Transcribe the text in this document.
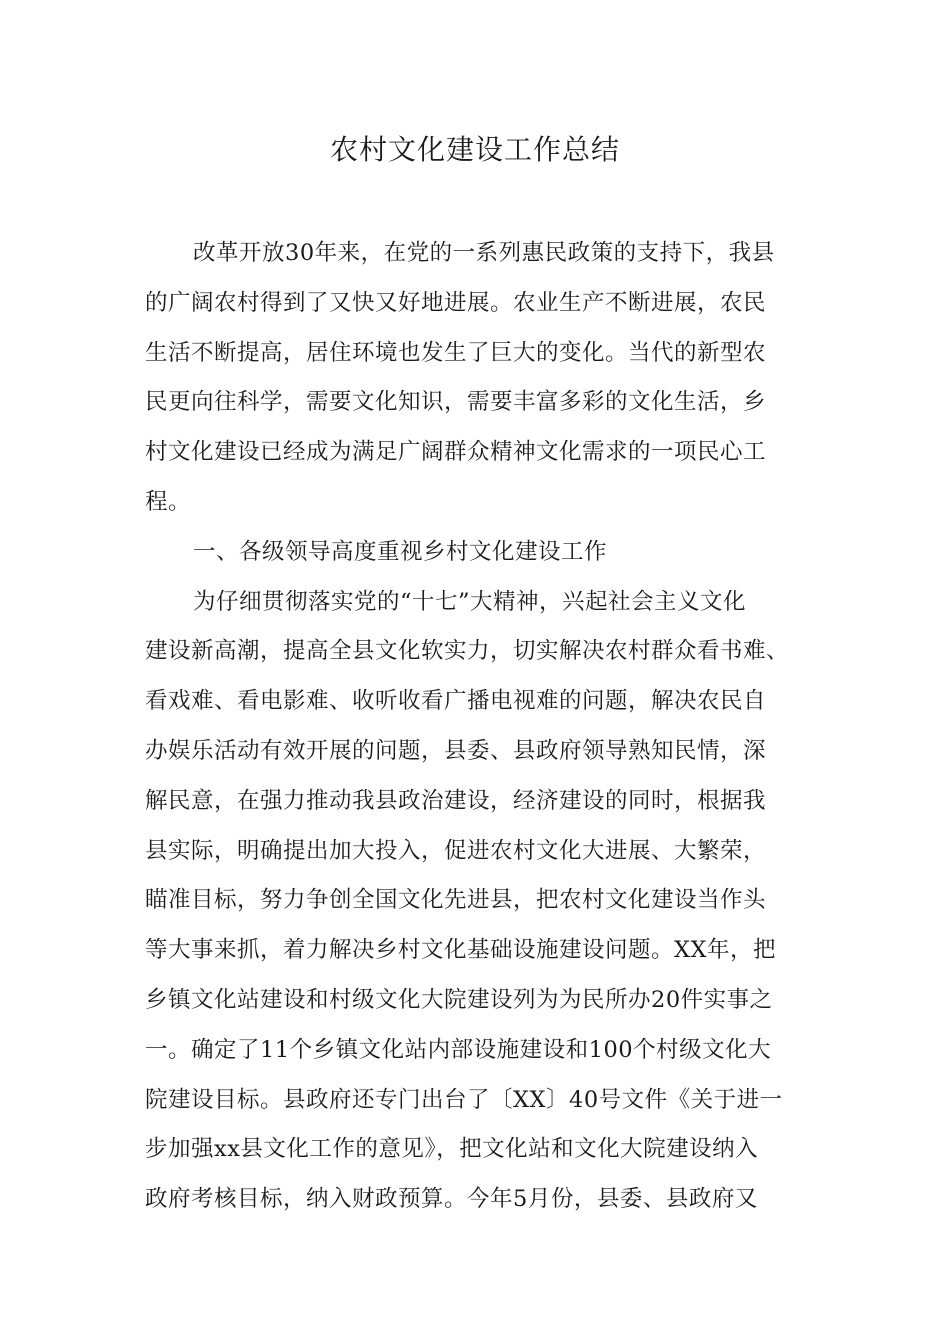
农村文化建设工作总结
改革开放30年来，在党的一系列惠民政策的支持下，我县
的广阔农村得到了又快又好地进展。农业生产不断进展，农民
生活不断提高，居住环境也发生了巨大的变化。当代的新型农
民更向往科学，需要文化知识，需要丰富多彩的文化生活，乡
村文化建设已经成为满足广阔群众精神文化需求的一项民心工
程。
一、各级领导高度重视乡村文化建设工作
为仔细贯彻落实党的“十七”大精神，兴起社会主义文化
建设新高潮，提高全县文化软实力，切实解决农村群众看书难、
看戏难、看电影难、收听收看广播电视难的问题，解决农民自
办娱乐活动有效开展的问题，县委、县政府领导熟知民情，深
解民意，在强力推动我县政治建设，经济建设的同时，根据我
县实际，明确提出加大投入，促进农村文化大进展、大繁荣，
瞄准目标，努力争创全国文化先进县，把农村文化建设当作头
等大事来抓，着力解决乡村文化基础设施建设问题。XX年，把
乡镇文化站建设和村级文化大院建设列为为民所办20件实事之
一。确定了11个乡镇文化站内部设施建设和100个村级文化大
院建设目标。县政府还专门出台了〔XX〕40号文件《关于进一
步加强xx县文化工作的意见》，把文化站和文化大院建设纳入
政府考核目标，纳入财政预算。今年5月份，县委、县政府又
